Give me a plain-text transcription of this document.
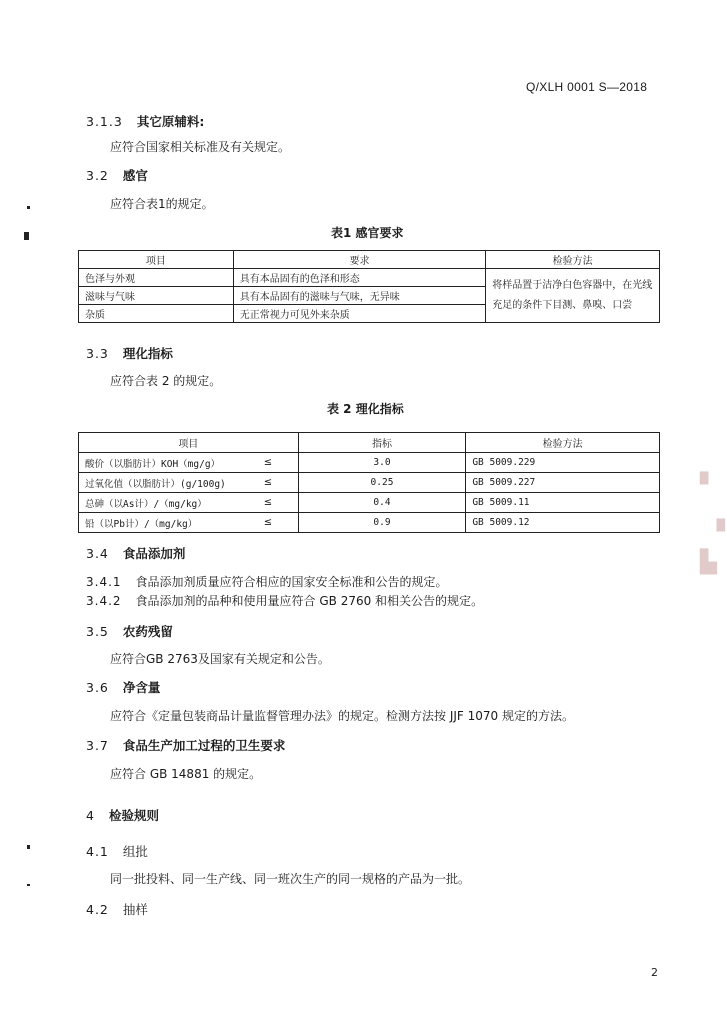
Q/XLH 0001 S—2018
3.1.3 其它原辅料:
应符合国家相关标准及有关规定。
3.2 感官
应符合表1的规定。
表1 感官要求
项目	要求	检验方法
色泽与外观	具有本品固有的色泽和形态	将样品置于洁净白色容器中，在光线充足的条件下目测、鼻嗅、口尝
滋味与气味	具有本品固有的滋味与气味，无异味	
杂质	无正常视力可见外来杂质	
3.3 理化指标
应符合表 2 的规定。
表 2 理化指标
项目		指标	检验方法
酸价（以脂肪计）KOH（mg/g）	≤	3.0	GB 5009.229
过氧化值（以脂肪计）(g/100g)	≤	0.25	GB 5009.227
总砷（以As计）/（mg/kg）	≤	0.4	GB 5009.11
铅（以Pb计）/（mg/kg）	≤	0.9	GB 5009.12
3.4 食品添加剂
3.4.1 食品添加剂质量应符合相应的国家安全标准和公告的规定。
3.4.2 食品添加剂的品种和使用量应符合 GB 2760 和相关公告的规定。
3.5 农药残留
应符合GB 2763及国家有关规定和公告。
3.6 净含量
应符合《定量包装商品计量监督管理办法》的规定。检测方法按 JJF 1070 规定的方法。
3.7 食品生产加工过程的卫生要求
应符合 GB 14881 的规定。
4 检验规则
4.1 组批
同一批投料、同一生产线、同一班次生产的同一规格的产品为一批。
4.2 抽样
2
▖
▝
▙
